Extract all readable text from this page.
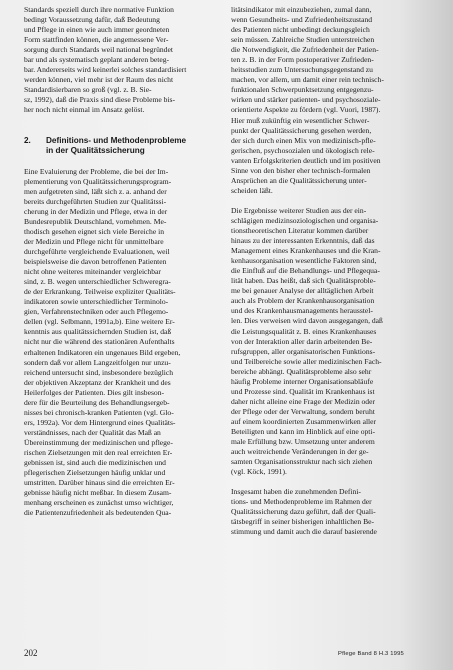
Standards speziell durch ihre normative Funktion
bedingt Voraussetzung dafür, daß Bedeutung
und Pflege in einen wie auch immer geordneten
Form stattfinden können, die angemessene Ver-
sorgung durch Standards weil national begründet
bar und als systematisch geplant anderen beteg-
bar. Andererseits wird keinerlei solches standardisiert
werden können, viel mehr ist der Raum des nicht
Standardisierbaren so groß (vgl. z. B. Sie-
sz, 1992), daß die Praxis sind diese Probleme bis-
her noch nicht einmal im Ansatz gelöst.
2. Definitions- und Methodenprobleme
in der Qualitätssicherung
Eine Evaluierung der Probleme, die bei der Im-
plementierung von Qualitätssicherungsprogram-
men aufgetreten sind, läßt sich z. a. anhand der
bereits durchgeführten Studien zur Qualitätssi-
cherung in der Medizin und Pflege, etwa in der
Bundesrepublik Deutschland, vornehmen. Me-
thodisch gesehen eignet sich viele Bereiche in
der Medizin und Pflege nicht für unmittelbare
durchgeführte vergleichende Evaluationen, weil
beispielsweise die davon betroffenen Patienten
nicht ohne weiteres miteinander vergleichbar
sind, z. B. wegen unterschiedlicher Schweregra-
de der Erkrankung. Teilweise expliziter Qualitäts-
indikatoren sowie unterschiedlicher Terminolo-
gien, Verfahrenstechniken oder auch Pflegemo-
dellen (vgl. Selbmann, 1991a,b). Eine weitere Er-
kenntnis aus qualitätssichernden Studien ist, daß
nicht nur die während des stationären Aufenthalts
erhaltenen Indikatoren ein ungenaues Bild ergeben,
sondern daß vor allem Langzeitfolgen nur unzu-
reichend untersucht sind, insbesondere bezüglich
der objektiven Akzeptanz der Krankheit und des
Heilerfolges der Patienten. Dies gilt insbeson-
dere für die Beurteilung des Behandlungsergeb-
nisses bei chronisch-kranken Patienten (vgl. Glo-
ers, 1992a). Vor dem Hintergrund eines Qualitäts-
verständnisses, nach der Qualität das Maß an
Übereinstimmung der medizinischen und pflege-
rischen Zielsetzungen mit den real erreichten Er-
gebnissen ist, sind auch die medizinischen und
pflegerischen Zielsetzungen häufig unklar und
umstritten. Darüber hinaus sind die erreichten Er-
gebnisse häufig nicht meßbar. In diesem Zusam-
menhang erscheinen es zunächst umso wichtiger,
die Patientenzufriedenheit als bedeutenden Qua-
litätsindikator mit einzubeziehen, zumal dann,
wenn Gesundheits- und Zufriedenheitszustand
des Patienten nicht unbedingt deckungsgleich
sein müssen. Zahlreiche Studien unterstreichen
die Notwendigkeit, die Zufriedenheit der Patien-
ten z. B. in der Form postoperativer Zufrieden-
heitsstudien zum Untersuchungsgegenstand zu
machen, vor allem, um damit einer rein technisch-
funktionalen Schwerpunktsetzung entgegenzu-
wirken und stärker patienten- und psychosoziale-
orientierte Aspekte zu fördern (vgl. Vuori, 1987).
Hier muß zukünftig ein wesentlicher Schwer-
punkt der Qualitätssicherung gesehen werden,
der sich durch einen Mix von medizinisch-pfle-
gerischen, psychosozialen und ökologisch rele-
vanten Erfolgskriterien deutlich und im positiven
Sinne von den bisher eher technisch-formalen
Ansprüchen an die Qualitätssicherung unter-
scheiden läßt.
Die Ergebnisse weiterer Studien aus der ein-
schlägigen medizinsoziologischen und organisa-
tionstheoretischen Literatur kommen darüber
hinaus zu der interessanten Erkenntnis, daß das
Management eines Krankenhauses und die Kran-
kenhausorganisation wesentliche Faktoren sind,
die Einfluß auf die Behandlungs- und Pflegequa-
lität haben. Das heißt, daß sich Qualitätsproble-
me bei genauer Analyse der alltäglichen Arbeit
auch als Problem der Krankenhausorganisation
und des Krankenhausmanagements herausstel-
len. Dies verweisen wird davon ausgegangen, daß
die Leistungsqualität z. B. eines Krankenhauses
von der Interaktion aller darin arbeitenden Be-
rufsgruppen, aller organisatorischen Funktions-
und Teilbereiche sowie aller medizinischen Fach-
bereiche abhängt. Qualitätsprobleme also sehr
häufig Probleme interner Organisationsabläufe
und Prozesse sind. Qualität im Krankenhaus ist
daher nicht alleine eine Frage der Medizin oder
der Pflege oder der Verwaltung, sondern beruht
auf einem koordinierten Zusammenwirken aller
Beteiligten und kann im Hinblick auf eine opti-
male Erfüllung bzw. Umsetzung unter anderem
auch weitreichende Veränderungen in der ge-
samten Organisationsstruktur nach sich ziehen
(vgl. Köck, 1991).
Insgesamt haben die zunehmenden Defini-
tions- und Methodenprobleme im Rahmen der
Qualitätssicherung dazu geführt, daß der Quali-
tätsbegriff in seiner bisherigen inhaltlichen Be-
stimmung und damit auch die darauf basierende
202	Pflege Band 8 H.3 1995
